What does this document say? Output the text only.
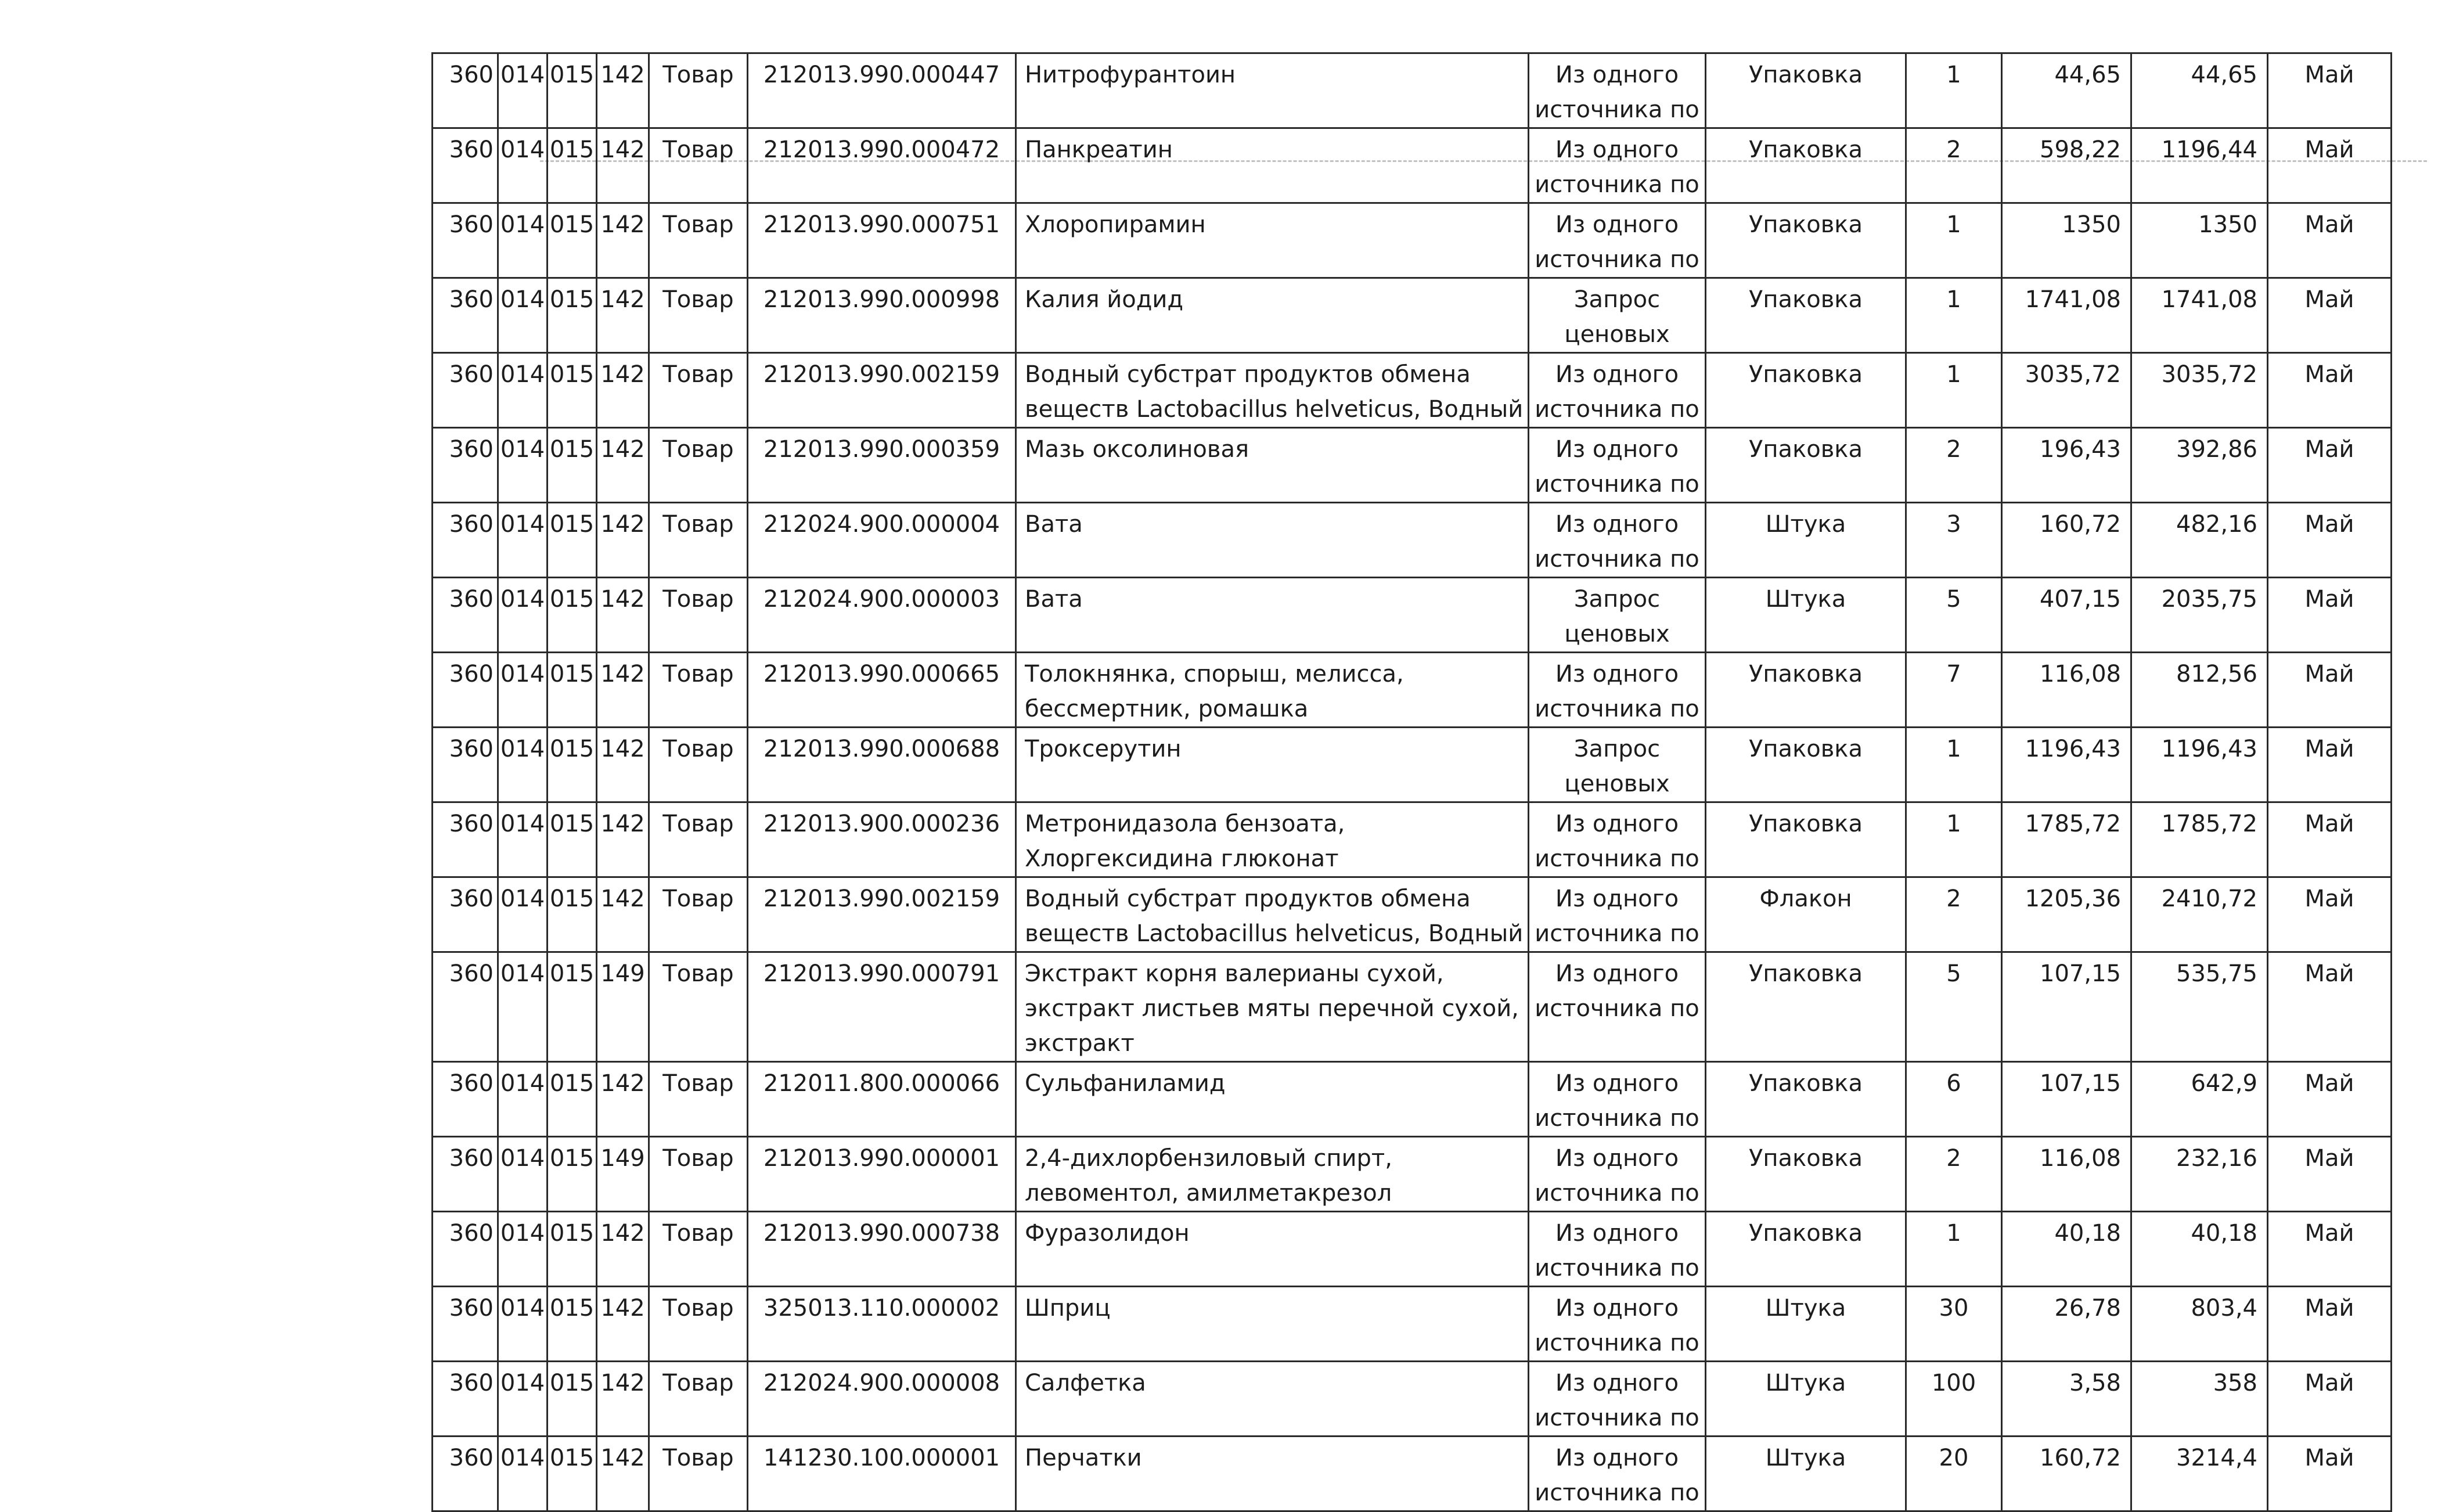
360	014	015	142	Товар	212013.990.000447	Нитрофурантоин	Из одного
источника по	Упаковка	1	44,65	44,65	Май

360	014	015	142	Товар	212013.990.000472	Панкреатин	Из одного
источника по	Упаковка	2	598,22	1196,44	Май

360	014	015	142	Товар	212013.990.000751	Хлоропирамин	Из одного
источника по	Упаковка	1	1350	1350	Май

360	014	015	142	Товар	212013.990.000998	Калия йодид	Запрос
ценовых	Упаковка	1	1741,08	1741,08	Май

360	014	015	142	Товар	212013.990.002159	Водный субстрат продуктов обмена веществ Lactobacillus helveticus, Водный	Из одного
источника по	Упаковка	1	3035,72	3035,72	Май

360	014	015	142	Товар	212013.990.000359	Мазь оксолиновая	Из одного
источника по	Упаковка	2	196,43	392,86	Май

360	014	015	142	Товар	212024.900.000004	Вата	Из одного
источника по	Штука	3	160,72	482,16	Май

360	014	015	142	Товар	212024.900.000003	Вата	Запрос
ценовых	Штука	5	407,15	2035,75	Май

360	014	015	142	Товар	212013.990.000665	Толокнянка, спорыш, мелисса, бессмертник, ромашка	Из одного
источника по	Упаковка	7	116,08	812,56	Май

360	014	015	142	Товар	212013.990.000688	Троксерутин	Запрос
ценовых	Упаковка	1	1196,43	1196,43	Май

360	014	015	142	Товар	212013.900.000236	Метронидазола бензоата, Хлоргексидина глюконат	Из одного
источника по	Упаковка	1	1785,72	1785,72	Май

360	014	015	142	Товар	212013.990.002159	Водный субстрат продуктов обмена веществ Lactobacillus helveticus, Водный	Из одного
источника по	Флакон	2	1205,36	2410,72	Май

360	014	015	149	Товар	212013.990.000791	Экстракт корня валерианы сухой, экстракт листьев мяты перечной сухой, экстракт	Из одного
источника по	Упаковка	5	107,15	535,75	Май

360	014	015	142	Товар	212011.800.000066	Сульфаниламид	Из одного
источника по	Упаковка	6	107,15	642,9	Май

360	014	015	149	Товар	212013.990.000001	2,4-дихлорбензиловый спирт, левоментол, амилметакрезол	Из одного
источника по	Упаковка	2	116,08	232,16	Май

360	014	015	142	Товар	212013.990.000738	Фуразолидон	Из одного
источника по	Упаковка	1	40,18	40,18	Май

360	014	015	142	Товар	325013.110.000002	Шприц	Из одного
источника по	Штука	30	26,78	803,4	Май

360	014	015	142	Товар	212024.900.000008	Салфетка	Из одного
источника по	Штука	100	3,58	358	Май

360	014	015	142	Товар	141230.100.000001	Перчатки	Из одного
источника по	Штука	20	160,72	3214,4	Май
